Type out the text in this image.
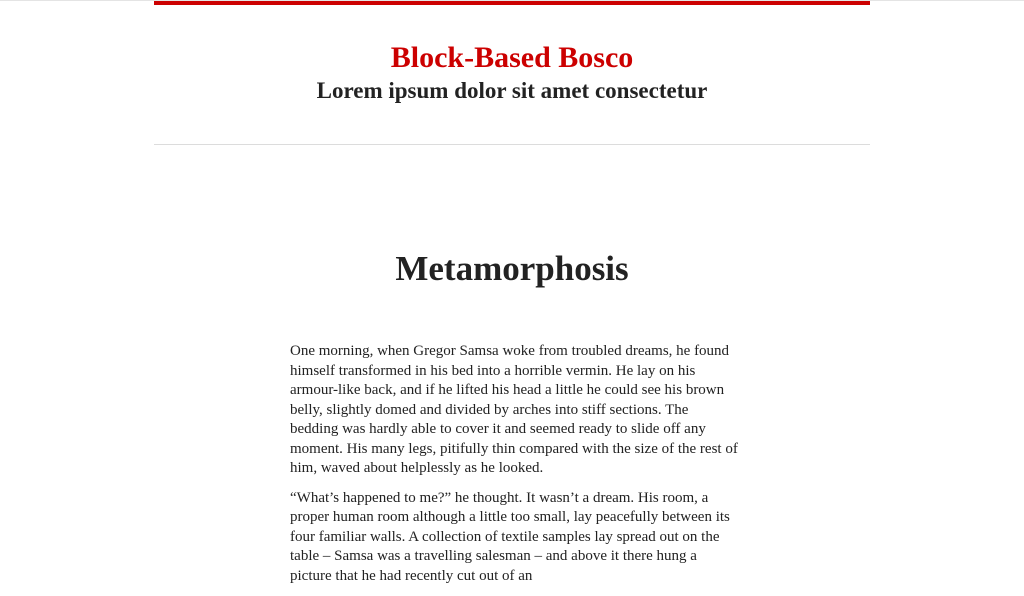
Block-Based Bosco

Lorem ipsum dolor sit amet consectetur

Metamorphosis

One morning, when Gregor Samsa woke from troubled dreams, he found himself transformed in his bed into a horrible vermin. He lay on his armour-like back, and if he lifted his head a little he could see his brown belly, slightly domed and divided by arches into stiff sections. The bedding was hardly able to cover it and seemed ready to slide off any moment. His many legs, pitifully thin compared with the size of the rest of him, waved about helplessly as he looked.

“What’s happened to me?” he thought. It wasn’t a dream. His room, a proper human room although a little too small, lay peacefully between its four familiar walls. A collection of textile samples lay spread out on the table – Samsa was a travelling salesman – and above it there hung a picture that he had recently cut out of an
